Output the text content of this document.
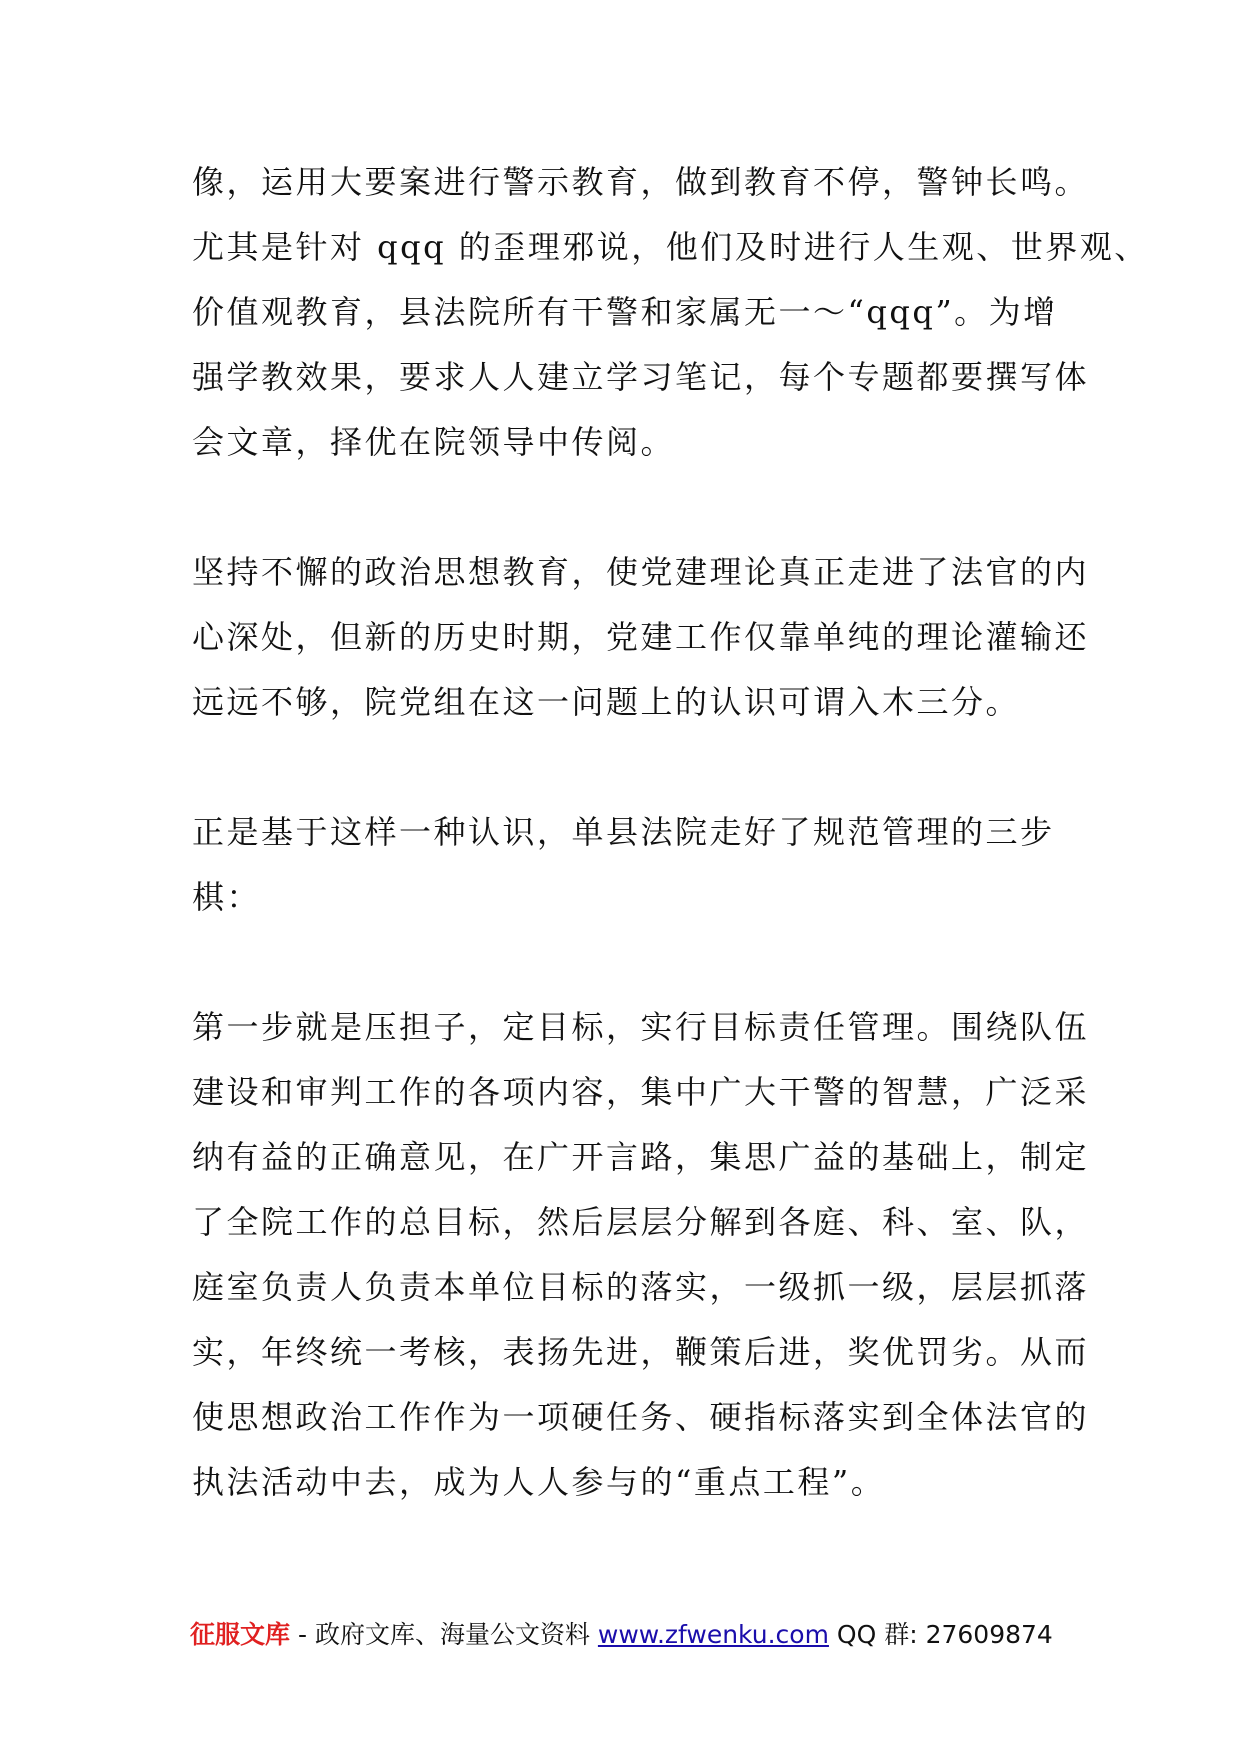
像，运用大要案进行警示教育，做到教育不停，警钟长鸣。
尤其是针对 qqq 的歪理邪说，他们及时进行人生观、世界观、
价值观教育，县法院所有干警和家属无一～“qqq”。为增
强学教效果，要求人人建立学习笔记，每个专题都要撰写体
会文章，择优在院领导中传阅。

坚持不懈的政治思想教育，使党建理论真正走进了法官的内
心深处，但新的历史时期，党建工作仅靠单纯的理论灌输还
远远不够，院党组在这一问题上的认识可谓入木三分。

正是基于这样一种认识，单县法院走好了规范管理的三步
棋：

第一步就是压担子，定目标，实行目标责任管理。围绕队伍
建设和审判工作的各项内容，集中广大干警的智慧，广泛采
纳有益的正确意见，在广开言路，集思广益的基础上，制定
了全院工作的总目标，然后层层分解到各庭、科、室、队，
庭室负责人负责本单位目标的落实，一级抓一级，层层抓落
实，年终统一考核，表扬先进，鞭策后进，奖优罚劣。从而
使思想政治工作作为一项硬任务、硬指标落实到全体法官的
执法活动中去，成为人人参与的“重点工程”。

征服文库 - 政府文库、海量公文资料 www.zfwenku.com QQ 群: 27609874
